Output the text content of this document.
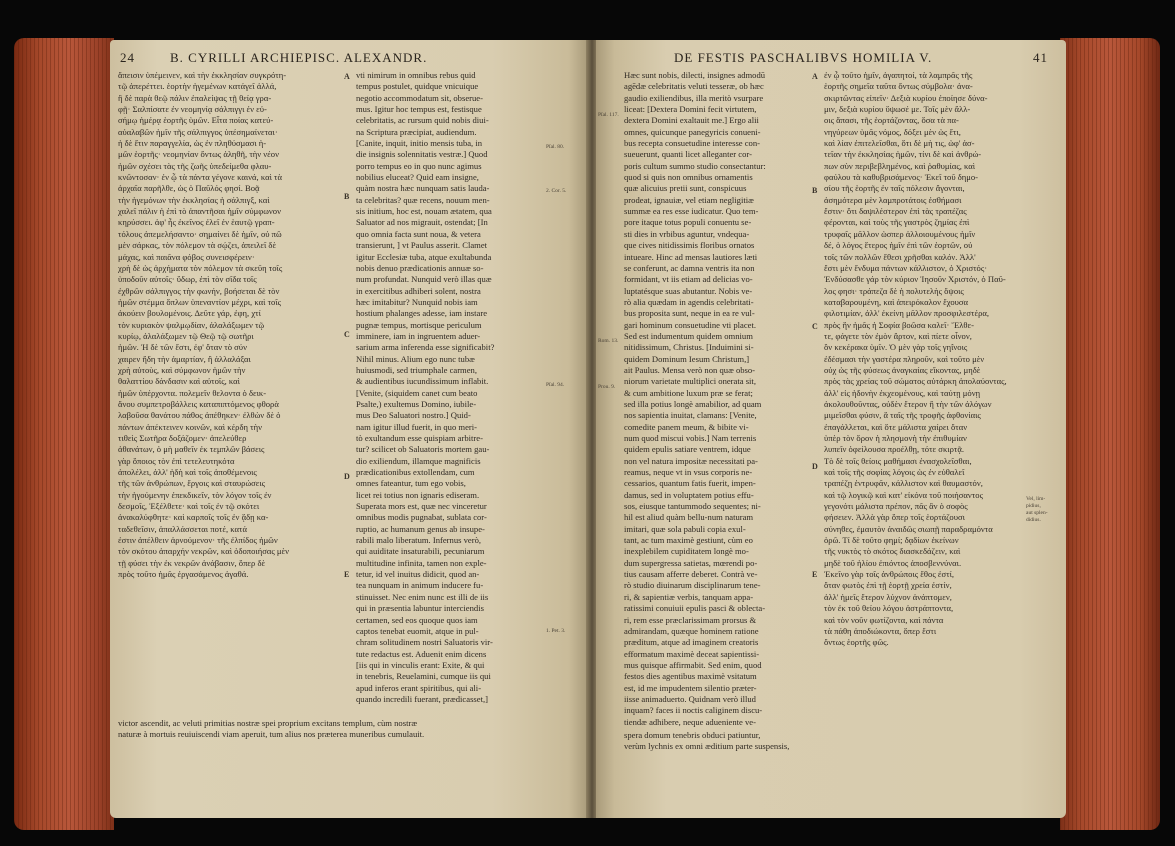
24	B. CYRILLI ARCHIEPISC. ALEXANDR.

ἄπεισιν ὑπέμεινεν, καὶ τὴν ἐκκλησίαν συγκρότη-

τῷ ἀπερέττει. ἑορτὴν ἡγεμένων κατάγεῖ ἀλλά,

ἢ δὲ παρὰ θεῷ πάλιν ἐπαλείψας τῇ θείᾳ γρα-

φῇ· Σαλπίσατε ἐν νεομηνίᾳ σάλπιγγι ἐν εὐ-

σήμῳ ἡμέρᾳ ἑορτῆς ὑμῶν. Εἶτα ποίας κατεύ-

αὐαλαβῶν ἡμῖν τῆς σάλπιγγος ὑπέσημαίνεται·

ἡ δὲ ἔτιν παραγγελία, ὡς ἐν πληθύσμασι ἡ-

μῶν ἑορτῆς· νεομηνίαν ὄντως ἀληθῆ, τὴν νέον

ἡμῶν σχέσει τὰς τῆς ζωῆς ὑπεδείμεθα φλαυ-

κνῶντοσαν· ἐν ᾧ τὰ πάντα γέγονε καινά, καὶ τὰ

ἀρχαῖα παρῆλθε, ὡς ὁ Παῦλός φησί. Βοᾷ

τὴν ἡγεμόνων τὴν ἐκκλησίας ἡ σάλπιγξ, καὶ

χαλεῖ πάλιν ἡ ἐπὶ τὸ ἀπαντῆσαι ἡμῖν σύμφωνον

κηρύσσει. ἀφ' ἧς ἐκεῖνος ἐλεῖ ἐν ἑαυτῷ γραπ-

τόλους ἀπεμελήσαντο· σημαίνει δὲ ἡμῖν, οὐ πῶ

μὲν σάρκας, τὸν πόλεμον τὰ σῴζει, ἀπειλεῖ δὲ

μάχας, καὶ παιᾶνα φόβος συνεισφέρειν·

χρὴ δὲ ὡς ἀρχήματα τὸν πόλεμον τὰ σκεῦη τοῖς

ὑποδοῦν αὐτοῖς· ὕδωρ, ἐπὶ τὸν σῖδα τοῖς

ἐχθρῶν σάλπιγγος τὴν φωνήν, βοήσεται δὲ τὸν

ἡμῶν στέμμα ὅπλων ὑπεναντίον μέχρι, καὶ τοῖς

ἀκούειν βουλομένοις. Δεῦτε γάρ, ἐφη, χτί

τὸν κυριακὸν ψαλμῳδίαν, ἀλαλάξωμεν τῷ

κυρίῳ, ἀλαλάξωμεν τῷ Θεῷ τῷ σωτῆρι

ἡμῶν. Ἡ δὲ τῶν ἔστι, ἐφ' ὅταν τὸ σύν

χαιρεν ἤδη τὴν ἀμαρτίαν, ἢ ἀλλαλάξαι

χρὴ αὐτοὺς, καὶ σύμφωνον ἡμῶν τὴν

θαλαττίου δάνδασιν καὶ αὐτοῖς, καὶ

ἡμῶν ὑπέρχοντα. πολεμεῖν θελοντα ὁ δεικ-

ἄνου συμπετροβάλλεις καταπιπτόμενος φθορὰ

λαβοῦσα θανάτου πάθος ἀπέθηκεν· ἐλθὼν δὲ ὁ

πάντων ἀπέκτεινεν κοινῶν, καὶ κέρδη τὴν

τιθεὶς Σωτῆρα δοξάζομεν· ἀπελεύθερ

ἀθανάτων, ὁ μὴ μαθεῖν ἐκ τεμπλῶν βάσεις

γὰρ ὅποιος τὸν ἐπὶ τετελευτηκότα

ἀπολέλει, ἀλλ' ἡδὴ καὶ τοῖς ἀποθέμενοις

τῆς τῶν ἀνθρώπων, ἔργοις καὶ σταυρώσεις

τὴν ἡγούμενην ἐπεκδικεῖν, τὸν λόγον τοῖς ἐν

δεσμοῖς, Ἐξέλθετε· καὶ τοῖς ἐν τῷ σκότει

ἀνακαλύφθητε· καὶ καρποῖς τοῖς ἐν ᾅδῃ κα-

ταδεθεῖσιν, ἀπαλλάσσεται ποτέ, κατά

ἐστιν ἀπέλθειν ἀρνούμενον· τῆς ἐλπίδος ἡμῶν

τὸν σκότου ἀπαρχήν νεκρῶν, καὶ ὁδοποιήσας μὲν

τῇ φύσει τὴν ἐκ νεκρῶν ἀνάβασιν, ὅπερ δὲ

πρὸς τοῦτο ἡμᾶς ἐργασάμενος ἀγαθά.

vti nimirum in omnibus rebus quid

tempus postulet, quidque vnicuique

negotio accommodatum sit, obserue-

mus. Igitur hoc tempus est, festisque

celebritatis, ac rursum quid nobis diui-

na Scriptura præcipiat, audiendum.

[Canite, inquit, initio mensis tuba, in

die insignis solennitatis vestræ.] Quod

porro tempus eo in quo nunc agimus

nobilius eluceat? Quid eam insigne,

quàm nostra hæc nunquam satis lauda-

ta celebritas? quæ recens, nouum men-

sis initium, hoc est, nouam ætatem, qua

Saluator ad nos migrauit, ostendat; [In

quo omnia facta sunt noua, & vetera

transierunt, ] vt Paulus asserit. Clamet

igitur Ecclesiæ tuba, atque exultabunda

nobis denuo prædicationis annuæ so-

num profundat. Nunquid verò illas quæ

in exercitibus adhiberi solent, nostra

hæc imitabitur? Nunquid nobis iam

hostium phalanges adesse, iam instare

pugnæ tempus, mortisque periculum

imminere, iam in ingruentem aduer-

sarium arma inferenda esse significabit?

Nihil minus. Alium ego nunc tubæ

huiusmodi, sed triumphale carmen,

& audientibus iucundissimum inflabit.

[Venite, (siquidem canet cum beato

Psalte,) exultemus Domino, iubile-

mus Deo Saluatori nostro.] Quid-

nam igitur illud fuerit, in quo meri-

tò exultandum esse quispiam arbitre-

tur? scilicet ob Saluatoris mortem gau-

dio exiliendum, illamque magnificis

prædicationibus extollendam, cum

omnes fateantur, tum ego vobis,

licet rei totius non ignaris ediseram.

Superata mors est, quæ nec vinceretur

omnibus modis pugnabat, sublata cor-

ruptio, ac humanum genus ab insupe-

rabili malo liberatum. Infernus verò,

qui auiditate insaturabili, pecuniarum

multitudine infinita, tamen non exple-

tetur, id vel inuitus didicit, quod an-

tea nunquam in animum inducere fu-

stinuisset. Nec enim nunc est illi de iis

qui in præsentia labuntur interciendis

certamen, sed eos quoque quos iam

captos tenebat euomit, atque in pul-

chram solitudinem nostri Saluatoris vir-

tute redactus est. Aduenit enim dicens

[iis qui in vinculis erant: Exite, & qui

in tenebris, Reuelamini, cumque iis qui

apud inferos erant spiritibus, qui ali-

quando incredili fuerant, prædicasset,]

A
B
C
D
E
Pſal. 80.
2. Cor. 5.
Pſal. 94.
1. Pet. 3.

victor ascendit, ac veluti primitias nostræ spei proprium excitans templum, cùm nostræ

naturæ à mortuis reuiuiscendi viam aperuit, tum alius nos præterea muneribus cumulauit.

DE FESTIS PASCHALIBVS HOMILIA V.	41

Hæc sunt nobis, dilecti, insignes admodū

agēdæ celebritatis veluti tesseræ, ob hæc

gaudio exiliendibus, illa meritò vsurpare

liceat: [Dextera Domini fecit virtutem,

dextera Domini exaltauit me.] Ergo alii

omnes, quicunque panegyricis conueni-

bus recepta consuetudine interesse con-

sueuerunt, quanti licet alleganter cor-

poris cultum summo studio consectantur:

quod si quis non omnibus ornamentis

quæ alicuius pretii sunt, conspicuus

prodeat, ignauiæ, vel etiam negligitiæ

summæ ea res esse iudicatur. Quo tem-

pore itaque totus populi conuentu se-

sti dies in vrbibus aguntur, vndequa-

que cives nitidissimis floribus ornatos

intueare. Hinc ad mensas lautiores læti

se conferunt, ac damna ventris ita non

formidant, vt iis etiam ad delicias vo-

luptatésque suas abutantur. Nobis ve-

rò alia quædam in agendis celebritati-

bus proposita sunt, neque in ea re vul-

gari hominum consuetudine vti placet.

Sed est indumentum quidem omnium

nitidissimum, Christus. [Induimini si-

quidem Dominum Iesum Christum,]

ait Paulus. Mensa verò non quæ obso-

niorum varietate multiplici onerata sit,

& cum ambitione luxum præ se ferat;

sed illa potius longè amabilior, ad quam

nos sapientia inuitat, clamans: [Venite,

comedite panem meum, & bibite vi-

num quod miscui vobis.] Nam terrenis

quidem epulis satiare ventrem, idque

non vel natura impositæ necessitati pa-

reamus, neque vt in vsus corporis ne-

cessarios, quantum fatis fuerit, impen-

damus, sed in voluptatem potius effu-

sos, eiusque tantummodo sequentes; ni-

hil est aliud quàm bellu-num naturam

imitari, quæ sola pabuli copia exul-

tant, ac tum maximè gestiunt, cùm eo

inexplebilem cupiditatem longè mo-

dum supergressa satietas, mœrendi po-

tius causam afferre deberet. Contrà ve-

rò studio diuinarum disciplinarum tene-

ri, & sapientiæ verbis, tanquam appa-

ratissimi conuiuii epulis pasci & oblecta-

ri, rem esse præclarissimam prorsus &

admirandam, quæque hominem ratione

præditum, atque ad imaginem creatoris

efformatum maximè deceat sapientissi-

mus quisque affirmabit. Sed enim, quod

festos dies agentibus maximè vsitatum

est, id me impudentem silentio præter-

iisse animaduerto. Quidnam verò illud

inquam? faces ii noctis caliginem discu-

tiendæ adhibere, neque adueniente ve-

ἐν ᾧ τοῦτο ἡμῖν, ἀγαπητοί, τὰ λαμπρᾶς τῆς

ἑορτῆς σημεῖα ταῦτα ὄντως σύμβολα· ἀνα-

σκιρτῶντας εἰπεῖν· Δεξιὰ κυρίου ἐποίησε δύνα-

μιν, δεξιὰ κυρίου ὕψωσέ με. Τοῖς μὲν ἄλλ-

οις ἅπασι, τῆς ἑορτάζοντας, ὅσα τὰ πα-

νηγύρεων ὑμᾶς νόμος, δόξει μὲν ὡς ἔτι,

καὶ λίαν ἐπιτελεῖσθαι, ὅτι δὲ μὴ τις, ὡφ' ἀσ-

τεῖαν τὴν ἐκκλησίας ἡμῶν, τίνι δὲ καὶ ἀνθρώ-

πων σὺν περιβεβλημένος, καὶ ῥαθυμίας, καὶ

φαύλου τὰ καθυβρισάμενος· Ἐκεῖ τοῦ δημο-

σίου τῆς ἑορτῆς ἐν ταῖς πόλεσιν ἄγονται,

ἀσημότερα μὲν λαμπροτάτοις ἐσθήμασι

ἔστιν· ὅτι δαψιλέστερον ἐπὶ τὰς τραπέζας

φέρονται, καὶ τοὺς τῆς γαστρὸς ζημίας ἐπὶ

τρυφαῖς μᾶλλον ὡσπερ ἀλλοιουμένους ἡμῖν

δέ, ὁ λόγος ἕτερος ἡμῖν ἐπὶ τῶν ἑορτῶν, οὐ

τοῖς τῶν πολλῶν ἔθεσι χρῆσθαι καλόν. Ἀλλ'

ἔστι μὲν ἔνδυμα πάντων κάλλιστον, ὁ Χριστός·

Ἐνδύσασθε γάρ τὸν κύριον Ἰησοῦν Χριστόν, ὁ Παῦ-

λος φησι· τράπεζα δὲ ἡ πολυτελὴς ὄψοις

καταβαρουμένη, καὶ ἀπειρόκαλον ἔχουσα

φιλοτιμίαν, ἀλλ' ἐκείνη μᾶλλον προσφιλεστέρα,

πρὸς ἣν ἡμᾶς ἡ Σοφία βοῶσα καλεῖ· Ἔλθε-

τε, φάγετε τὸν ἐμὸν ἄρτον, καὶ πίετε οἶνον,

ὃν κεκέρακα ὑμῖν. Ὁ μὲν γὰρ τοῖς γηΐνοις

ἐδέσμασι τὴν γαστέρα πληροῦν, καὶ τοῦτο μὲν

οὐχ ὡς τῆς φύσεως ἀναγκαίας εἴκοντας, μηδὲ

πρὸς τὰς χρείας τοῦ σώματος αὐτάρκη ἀπολαύοντας,

ἀλλ' εἰς ἡδονὴν ἐκχεομένους, καὶ ταύτῃ μόνῃ

ἀκολουθοῦντας, οὐδὲν ἕτερον ἢ τὴν τῶν ἀλόγων

μιμεῖσθαι φύσιν, ἃ ταῖς τῆς τροφῆς ἀφθονίαις

ἐπαγάλλεται, καὶ ὅτε μάλιστα χαίρει ὅταν

ὑπὲρ τὸν ὅρον ἡ πλησμονὴ τὴν ἐπιθυμίαν

λυπεῖν ὀφείλουσα προέλθῃ, τότε σκιρτᾷ.

Τὸ δὲ τοῖς θείοις μαθήμασι ἐνασχολεῖσθαι,

καὶ τοῖς τῆς σοφίας λόγοις ὡς ἐν εὐθαλεῖ

τραπέζῃ ἐντρυφᾶν, κάλλιστον καὶ θαυμαστόν,

καὶ τῷ λογικῷ καὶ κατ' εἰκόνα τοῦ ποιήσαντος

γεγονότι μάλιστα πρέπον, πᾶς ἂν ὁ σοφὸς

φήσειεν. Ἀλλὰ γὰρ ὅπερ τοῖς ἑορτάζουσι

σύνηθες, ἐμαυτὸν ἀναιδῶς σιωπῇ παραδραμόντα

ὁρῶ. Τί δὲ τοῦτο φημί; δᾳδίων ἐκείνων

τῆς νυκτὸς τὸ σκότος διασκεδάζειν, καὶ

μηδὲ τοῦ ἡλίου ἐπιόντος ἀποσβεννύναι.

Ἐκεῖνο γὰρ τοῖς ἀνθρώποις ἔθος ἐστί,

ὅταν φωτὸς ἐπὶ τῇ ἑορτῇ χρεία ἐστίν,

ἀλλ' ἡμεῖς ἕτερον λύχνον ἀνάπτομεν,

τὸν ἐκ τοῦ θείου λόγου ἀστράπτοντα,

καὶ τὸν νοῦν φωτίζοντα, καὶ πάντα

τὰ πάθη ἀποδιώκοντα, ὅπερ ἔστι

ὄντως ἑορτῆς φῶς.

A
B
C
D
E
Pſal. 117.
Rom. 13.
Prou. 9.
Vel, lim-
pidius,
aut splen-
didius.

spera domum tenebris obduci patiuntur,

verùm lychnis ex omni æditium parte suspensis,
